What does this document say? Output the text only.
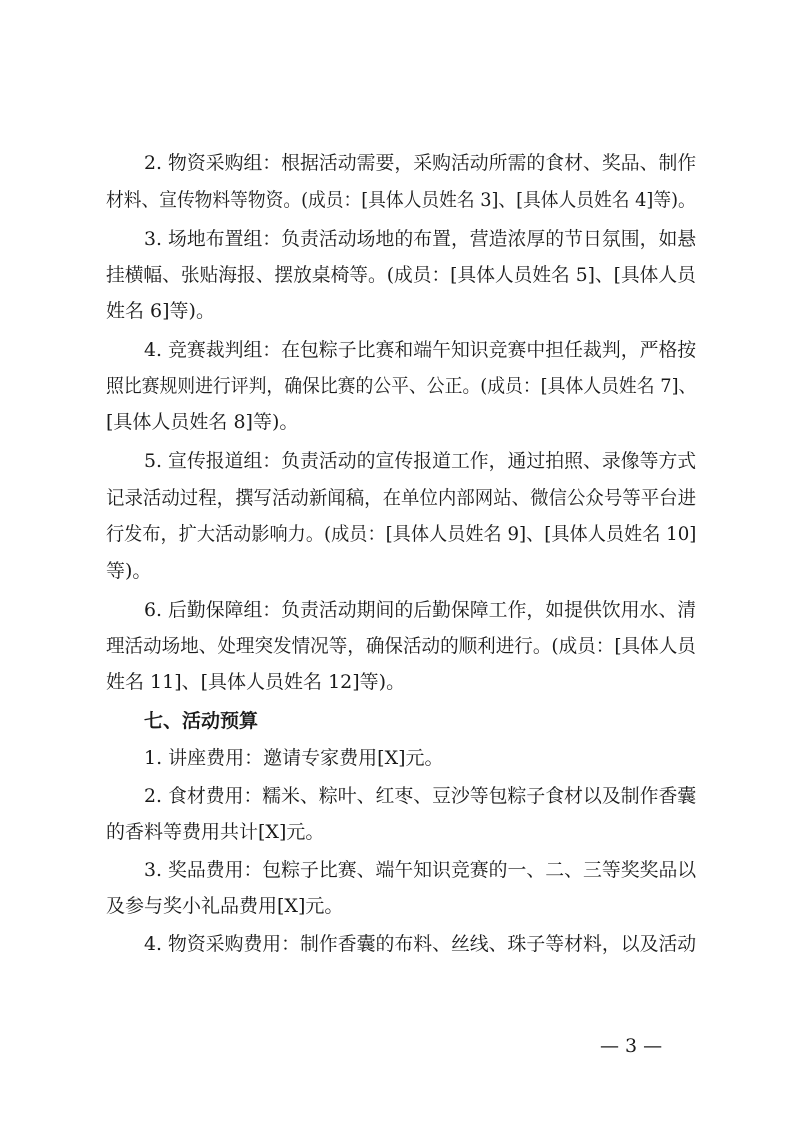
2. 物资采购组：根据活动需要，采购活动所需的食材、奖品、制作
材料、宣传物料等物资。(成员：[具体人员姓名 3]、[具体人员姓名 4]等)。
3. 场地布置组：负责活动场地的布置，营造浓厚的节日氛围，如悬
挂横幅、张贴海报、摆放桌椅等。(成员：[具体人员姓名 5]、[具体人员
姓名 6]等)。
4. 竞赛裁判组：在包粽子比赛和端午知识竞赛中担任裁判，严格按
照比赛规则进行评判，确保比赛的公平、公正。(成员：[具体人员姓名 7]、
[具体人员姓名 8]等)。
5. 宣传报道组：负责活动的宣传报道工作，通过拍照、录像等方式
记录活动过程，撰写活动新闻稿，在单位内部网站、微信公众号等平台进
行发布，扩大活动影响力。(成员：[具体人员姓名 9]、[具体人员姓名 10]
等)。
6. 后勤保障组：负责活动期间的后勤保障工作，如提供饮用水、清
理活动场地、处理突发情况等，确保活动的顺利进行。(成员：[具体人员
姓名 11]、[具体人员姓名 12]等)。
七、活动预算
1. 讲座费用：邀请专家费用[X]元。
2. 食材费用：糯米、粽叶、红枣、豆沙等包粽子食材以及制作香囊
的香料等费用共计[X]元。
3. 奖品费用：包粽子比赛、端午知识竞赛的一、二、三等奖奖品以
及参与奖小礼品费用[X]元。
4. 物资采购费用：制作香囊的布料、丝线、珠子等材料，以及活动
— 3 —
